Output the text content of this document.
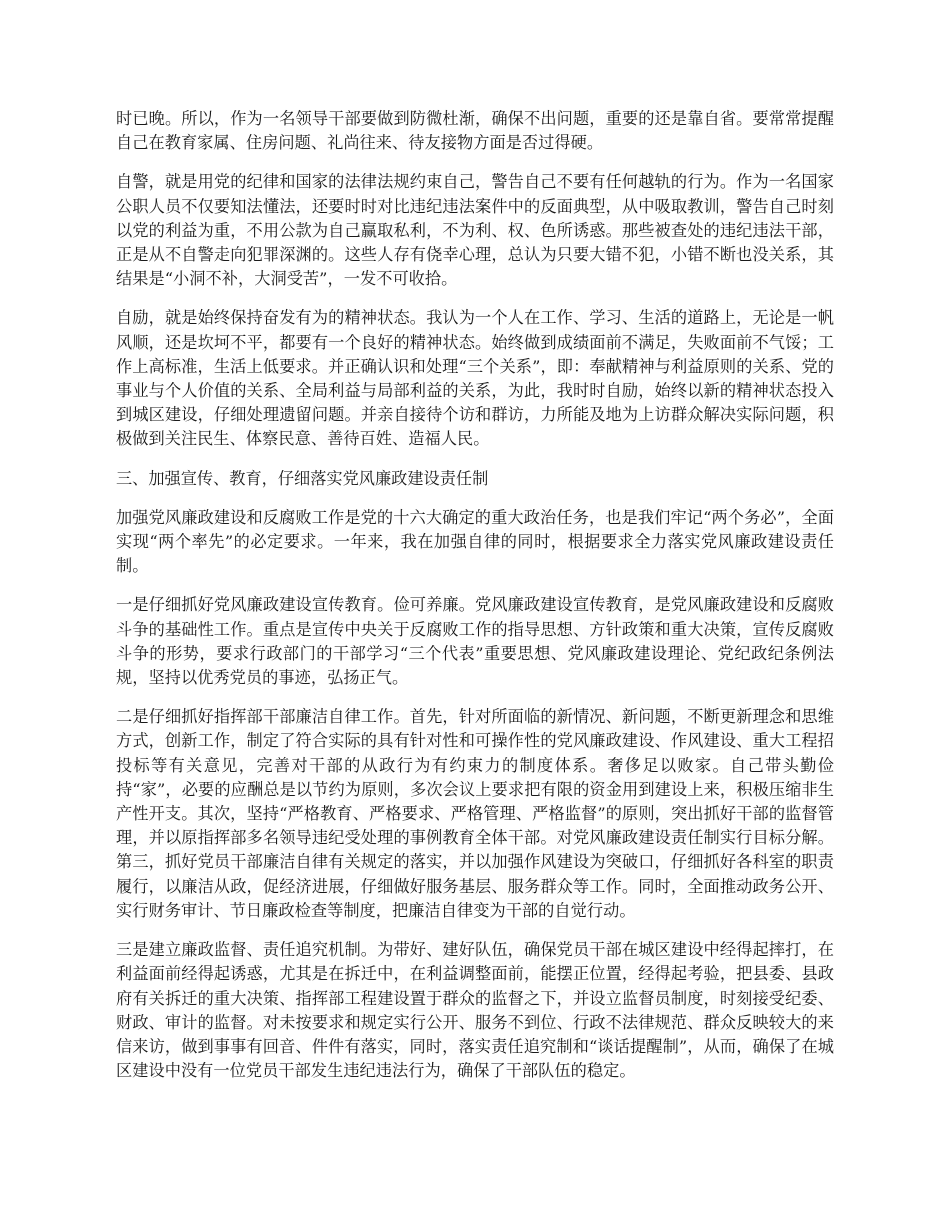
时已晚。所以，作为一名领导干部要做到防微杜渐，确保不出问题，重要的还是靠自省。要常常提醒自己在教育家属、住房问题、礼尚往来、待友接物方面是否过得硬。

自警，就是用党的纪律和国家的法律法规约束自己，警告自己不要有任何越轨的行为。作为一名国家公职人员不仅要知法懂法，还要时时对比违纪违法案件中的反面典型，从中吸取教训，警告自己时刻以党的利益为重，不用公款为自己赢取私利，不为利、权、色所诱惑。那些被查处的违纪违法干部，正是从不自警走向犯罪深渊的。这些人存有侥幸心理，总认为只要大错不犯，小错不断也没关系，其结果是“小洞不补，大洞受苦”，一发不可收拾。

自励，就是始终保持奋发有为的精神状态。我认为一个人在工作、学习、生活的道路上，无论是一帆风顺，还是坎坷不平，都要有一个良好的精神状态。始终做到成绩面前不满足，失败面前不气馁；工作上高标准，生活上低要求。并正确认识和处理“三个关系”，即：奉献精神与利益原则的关系、党的事业与个人价值的关系、全局利益与局部利益的关系，为此，我时时自励，始终以新的精神状态投入到城区建设，仔细处理遗留问题。并亲自接待个访和群访，力所能及地为上访群众解决实际问题，积极做到关注民生、体察民意、善待百姓、造福人民。

三、加强宣传、教育，仔细落实党风廉政建设责任制

加强党风廉政建设和反腐败工作是党的十六大确定的重大政治任务，也是我们牢记“两个务必”，全面实现“两个率先”的必定要求。一年来，我在加强自律的同时，根据要求全力落实党风廉政建设责任制。

一是仔细抓好党风廉政建设宣传教育。俭可养廉。党风廉政建设宣传教育，是党风廉政建设和反腐败斗争的基础性工作。重点是宣传中央关于反腐败工作的指导思想、方针政策和重大决策，宣传反腐败斗争的形势，要求行政部门的干部学习“三个代表”重要思想、党风廉政建设理论、党纪政纪条例法规，坚持以优秀党员的事迹，弘扬正气。

二是仔细抓好指挥部干部廉洁自律工作。首先，针对所面临的新情况、新问题，不断更新理念和思维方式，创新工作，制定了符合实际的具有针对性和可操作性的党风廉政建设、作风建设、重大工程招投标等有关意见，完善对干部的从政行为有约束力的制度体系。奢侈足以败家。自己带头勤俭持“家”，必要的应酬总是以节约为原则，多次会议上要求把有限的资金用到建设上来，积极压缩非生产性开支。其次，坚持“严格教育、严格要求、严格管理、严格监督”的原则，突出抓好干部的监督管理，并以原指挥部多名领导违纪受处理的事例教育全体干部。对党风廉政建设责任制实行目标分解。第三，抓好党员干部廉洁自律有关规定的落实，并以加强作风建设为突破口，仔细抓好各科室的职责履行，以廉洁从政，促经济进展，仔细做好服务基层、服务群众等工作。同时，全面推动政务公开、实行财务审计、节日廉政检查等制度，把廉洁自律变为干部的自觉行动。

三是建立廉政监督、责任追究机制。为带好、建好队伍，确保党员干部在城区建设中经得起摔打，在利益面前经得起诱惑，尤其是在拆迁中，在利益调整面前，能摆正位置，经得起考验，把县委、县政府有关拆迁的重大决策、指挥部工程建设置于群众的监督之下，并设立监督员制度，时刻接受纪委、财政、审计的监督。对未按要求和规定实行公开、服务不到位、行政不法律规范、群众反映较大的来信来访，做到事事有回音、件件有落实，同时，落实责任追究制和“谈话提醒制”，从而，确保了在城区建设中没有一位党员干部发生违纪违法行为，确保了干部队伍的稳定。
